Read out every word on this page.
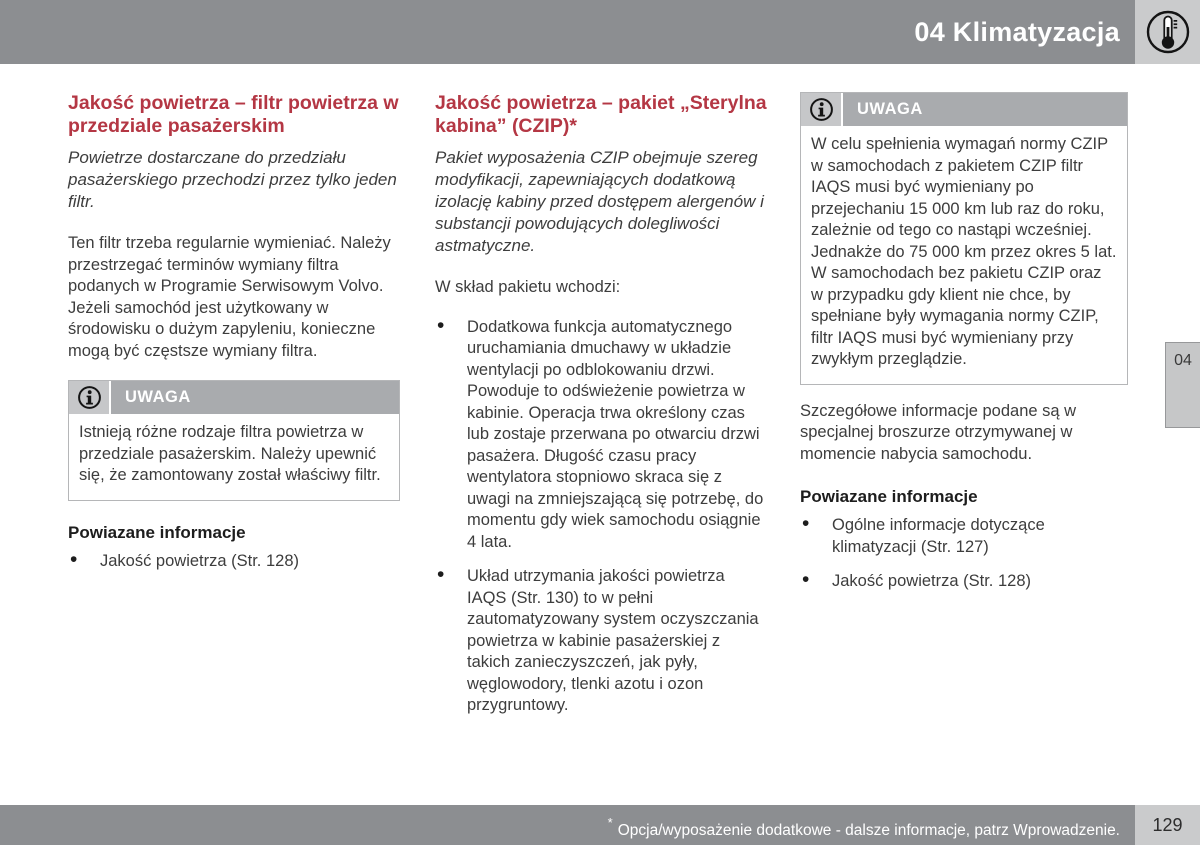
04 Klimatyzacja
Jakość powietrza – filtr powietrza w przedziale pasażerskim

Powietrze dostarczane do przedziału pasażerskiego przechodzi przez tylko jeden filtr.

Ten filtr trzeba regularnie wymieniać. Należy przestrzegać terminów wymiany filtra podanych w Programie Serwisowym Volvo. Jeżeli samochód jest użytkowany w środowisku o dużym zapyleniu, konieczne mogą być częstsze wymiany filtra.

UWAGA

Istnieją różne rodzaje filtra powietrza w przedziale pasażerskim. Należy upewnić się, że zamontowany został właściwy filtr.

Powiazane informacje
• Jakość powietrza (Str. 128)
Jakość powietrza – pakiet „Sterylna kabina” (CZIP)*

Pakiet wyposażenia CZIP obejmuje szereg modyfikacji, zapewniających dodatkową izolację kabiny przed dostępem alergenów i substancji powodujących dolegliwości astmatyczne.

W skład pakietu wchodzi:

• Dodatkowa funkcja automatycznego uruchamiania dmuchawy w układzie wentylacji po odblokowaniu drzwi. Powoduje to odświeżenie powietrza w kabinie. Operacja trwa określony czas lub zostaje przerwana po otwarciu drzwi pasażera. Długość czasu pracy wentylatora stopniowo skraca się z uwagi na zmniejszającą się potrzebę, do momentu gdy wiek samochodu osiągnie 4 lata.
• Układ utrzymania jakości powietrza IAQS (Str. 130) to w pełni zautomatyzowany system oczyszczania powietrza w kabinie pasażerskiej z takich zanieczyszczeń, jak pyły, węglowodory, tlenki azotu i ozon przygruntowy.
UWAGA

W celu spełnienia wymagań normy CZIP w samochodach z pakietem CZIP filtr IAQS musi być wymieniany po przejechaniu 15 000 km lub raz do roku, zależnie od tego co nastąpi wcześniej. Jednakże do 75 000 km przez okres 5 lat. W samochodach bez pakietu CZIP oraz w przypadku gdy klient nie chce, by spełniane były wymagania normy CZIP, filtr IAQS musi być wymieniany przy zwykłym przeglądzie.

Szczegółowe informacje podane są w specjalnej broszurze otrzymywanej w momencie nabycia samochodu.

Powiazane informacje
• Ogólne informacje dotyczące klimatyzacji (Str. 127)
• Jakość powietrza (Str. 128)
04
* Opcja/wyposażenie dodatkowe - dalsze informacje, patrz Wprowadzenie.	129
